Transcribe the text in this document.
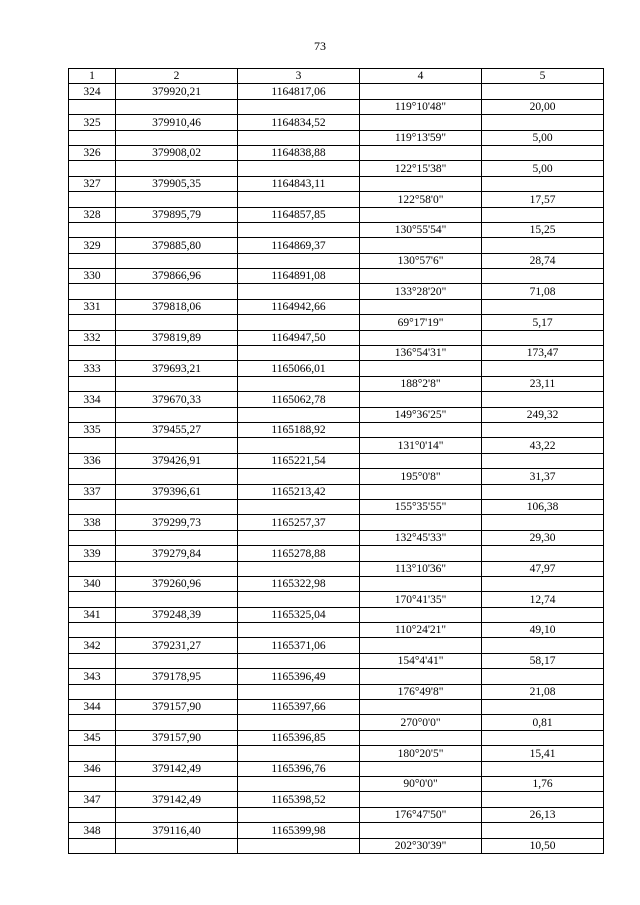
73
1	2	3	4	5
324	379920,21	1164817,06		
			119°10'48"	20,00
325	379910,46	1164834,52		
			119°13'59"	5,00
326	379908,02	1164838,88		
			122°15'38"	5,00
327	379905,35	1164843,11		
			122°58'0"	17,57
328	379895,79	1164857,85		
			130°55'54"	15,25
329	379885,80	1164869,37		
			130°57'6"	28,74
330	379866,96	1164891,08		
			133°28'20"	71,08
331	379818,06	1164942,66		
			69°17'19"	5,17
332	379819,89	1164947,50		
			136°54'31"	173,47
333	379693,21	1165066,01		
			188°2'8"	23,11
334	379670,33	1165062,78		
			149°36'25"	249,32
335	379455,27	1165188,92		
			131°0'14"	43,22
336	379426,91	1165221,54		
			195°0'8"	31,37
337	379396,61	1165213,42		
			155°35'55"	106,38
338	379299,73	1165257,37		
			132°45'33"	29,30
339	379279,84	1165278,88		
			113°10'36"	47,97
340	379260,96	1165322,98		
			170°41'35"	12,74
341	379248,39	1165325,04		
			110°24'21"	49,10
342	379231,27	1165371,06		
			154°4'41"	58,17
343	379178,95	1165396,49		
			176°49'8"	21,08
344	379157,90	1165397,66		
			270°0'0"	0,81
345	379157,90	1165396,85		
			180°20'5"	15,41
346	379142,49	1165396,76		
			90°0'0"	1,76
347	379142,49	1165398,52		
			176°47'50"	26,13
348	379116,40	1165399,98		
			202°30'39"	10,50
